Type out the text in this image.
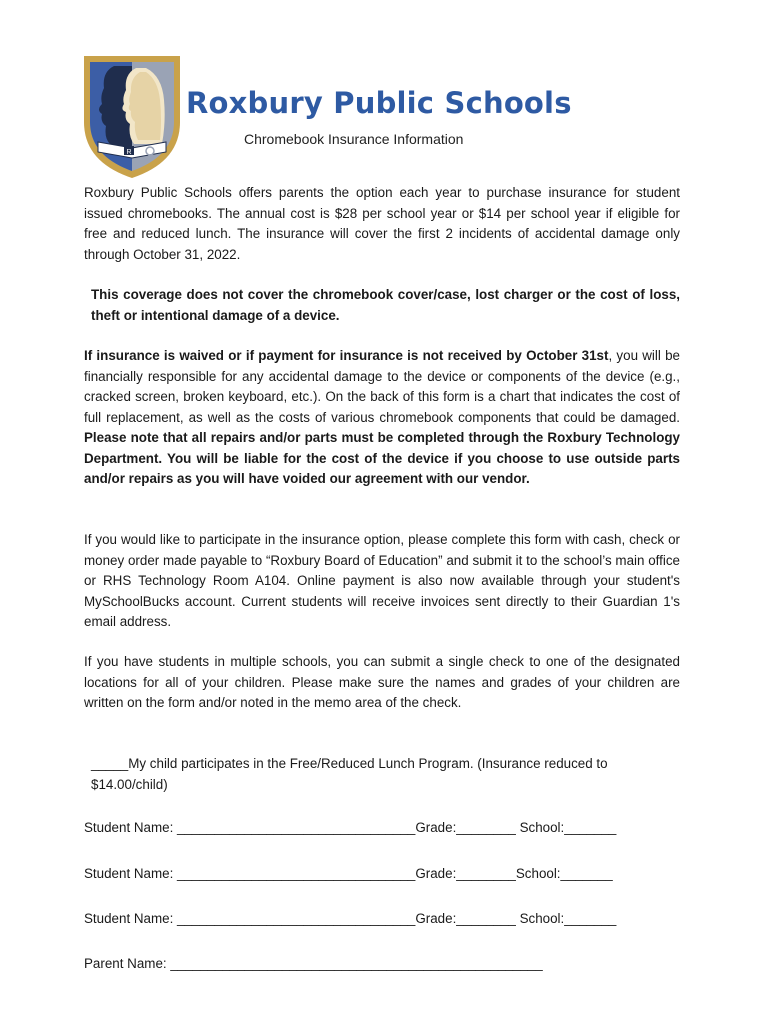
R
Roxbury Public Schools
Chromebook Insurance Information

Roxbury Public Schools offers parents the option each year to purchase insurance for student issued chromebooks. The annual cost is $28 per school year or $14 per school year if eligible for free and reduced lunch. The insurance will cover the first 2 incidents of accidental damage only through October 31, 2022.

This coverage does not cover the chromebook cover/case, lost charger or the cost of loss, theft or intentional damage of a device.

If insurance is waived or if payment for insurance is not received by October 31st, you will be financially responsible for any accidental damage to the device or components of the device (e.g., cracked screen, broken keyboard, etc.). On the back of this form is a chart that indicates the cost of full replacement, as well as the costs of various chromebook components that could be damaged. Please note that all repairs and/or parts must be completed through the Roxbury Technology Department. You will be liable for the cost of the device if you choose to use outside parts and/or repairs as you will have voided our agreement with our vendor.

If you would like to participate in the insurance option, please complete this form with cash, check or money order made payable to “Roxbury Board of Education” and submit it to the school’s main office or RHS Technology Room A104. Online payment is also now available through your student's MySchoolBucks account. Current students will receive invoices sent directly to their Guardian 1's email address.

If you have students in multiple schools, you can submit a single check to one of the designated locations for all of your children. Please make sure the names and grades of your children are written on the form and/or noted in the memo area of the check.

_____My child participates in the Free/Reduced Lunch Program. (Insurance reduced to $14.00/child)

Student Name: ________________________________Grade:________ School:_______
Student Name: ________________________________Grade:________School:_______
Student Name: ________________________________Grade:________ School:_______
Parent Name: __________________________________________________
